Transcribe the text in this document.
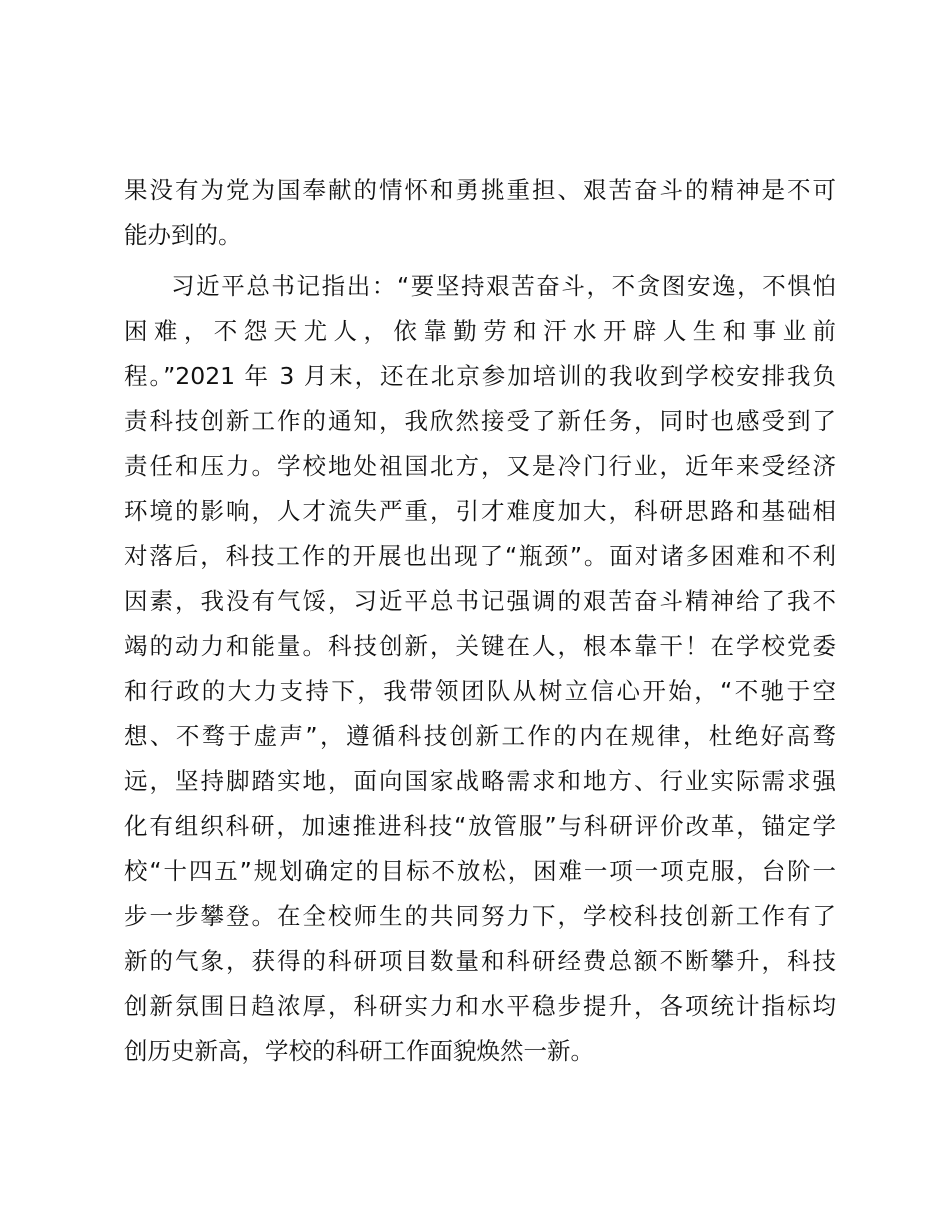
果没有为党为国奉献的情怀和勇挑重担、艰苦奋斗的精神是不可
能办到的。
习近平总书记指出：“要坚持艰苦奋斗，不贪图安逸，不惧怕
困难，不怨天尤人，依靠勤劳和汗水开辟人生和事业前
程。”2021 年 3 月末，还在北京参加培训的我收到学校安排我负
责科技创新工作的通知，我欣然接受了新任务，同时也感受到了
责任和压力。学校地处祖国北方，又是冷门行业，近年来受经济
环境的影响，人才流失严重，引才难度加大，科研思路和基础相
对落后，科技工作的开展也出现了“瓶颈”。面对诸多困难和不利
因素，我没有气馁，习近平总书记强调的艰苦奋斗精神给了我不
竭的动力和能量。科技创新，关键在人，根本靠干！在学校党委
和行政的大力支持下，我带领团队从树立信心开始，“不驰于空
想、不骛于虚声”，遵循科技创新工作的内在规律，杜绝好高骛
远，坚持脚踏实地，面向国家战略需求和地方、行业实际需求强
化有组织科研，加速推进科技“放管服”与科研评价改革，锚定学
校“十四五”规划确定的目标不放松，困难一项一项克服，台阶一
步一步攀登。在全校师生的共同努力下，学校科技创新工作有了
新的气象，获得的科研项目数量和科研经费总额不断攀升，科技
创新氛围日趋浓厚，科研实力和水平稳步提升，各项统计指标均
创历史新高，学校的科研工作面貌焕然一新。
